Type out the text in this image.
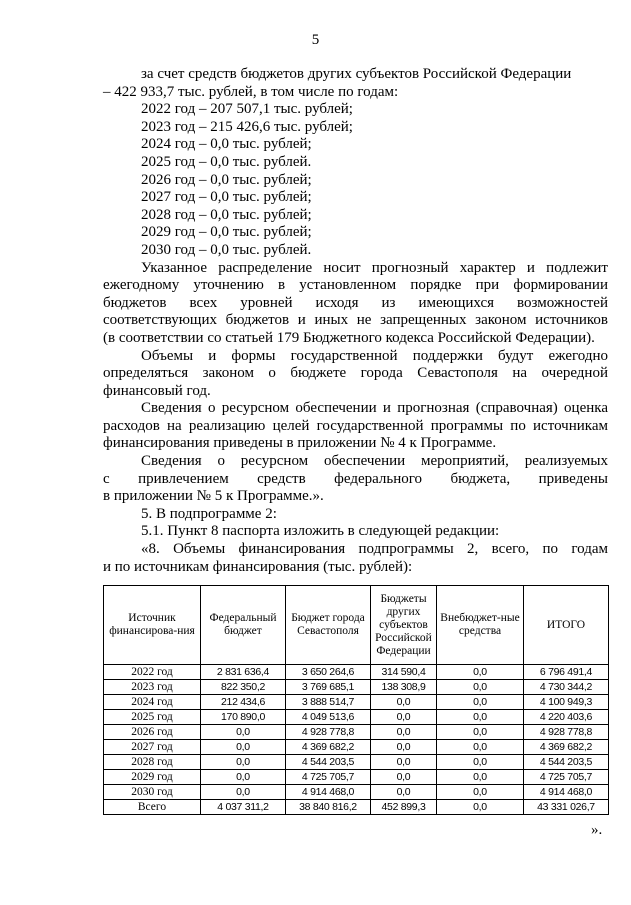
5

за счет средств бюджетов других субъектов Российской Федерации

– 422 933,7 тыс. рублей, в том числе по годам:

2022 год – 207 507,1 тыс. рублей;

2023 год – 215 426,6 тыс. рублей;

2024 год – 0,0 тыс. рублей;

2025 год – 0,0 тыс. рублей.

2026 год – 0,0 тыс. рублей;

2027 год – 0,0 тыс. рублей;

2028 год – 0,0 тыс. рублей;

2029 год – 0,0 тыс. рублей;

2030 год – 0,0 тыс. рублей.

Указанное распределение носит прогнозный характер и подлежит

ежегодному уточнению в установленном порядке при формировании

бюджетов всех уровней исходя из имеющихся возможностей

соответствующих бюджетов и иных не запрещенных законом источников

(в соответствии со статьей 179 Бюджетного кодекса Российской Федерации).

Объемы и формы государственной поддержки будут ежегодно

определяться законом о бюджете города Севастополя на очередной

финансовый год.

Сведения о ресурсном обеспечении и прогнозная (справочная) оценка

расходов на реализацию целей государственной программы по источникам

финансирования приведены в приложении № 4 к Программе.

Сведения о ресурсном обеспечении мероприятий, реализуемых

с привлечением средств федерального бюджета, приведены

в приложении № 5 к Программе.».

5. В подпрограмме 2:

5.1. Пункт 8 паспорта изложить в следующей редакции:

«8. Объемы финансирования подпрограммы 2, всего, по годам

и по источникам финансирования (тыс. рублей):

Источник финансирова-ния	Федеральный бюджет	Бюджет города Севастополя	Бюджеты других субъектов Российской Федерации	Внебюджет-ные средства	ИТОГО
2022 год	2 831 636,4	3 650 264,6	314 590,4	0,0	6 796 491,4
2023 год	822 350,2	3 769 685,1	138 308,9	0,0	4 730 344,2
2024 год	212 434,6	3 888 514,7	0,0	0,0	4 100 949,3
2025 год	170 890,0	4 049 513,6	0,0	0,0	4 220 403,6
2026 год	0,0	4 928 778,8	0,0	0,0	4 928 778,8
2027 год	0,0	4 369 682,2	0,0	0,0	4 369 682,2
2028 год	0,0	4 544 203,5	0,0	0,0	4 544 203,5
2029 год	0,0	4 725 705,7	0,0	0,0	4 725 705,7
2030 год	0,0	4 914 468,0	0,0	0,0	4 914 468,0
Всего	4 037 311,2	38 840 816,2	452 899,3	0,0	43 331 026,7
».
